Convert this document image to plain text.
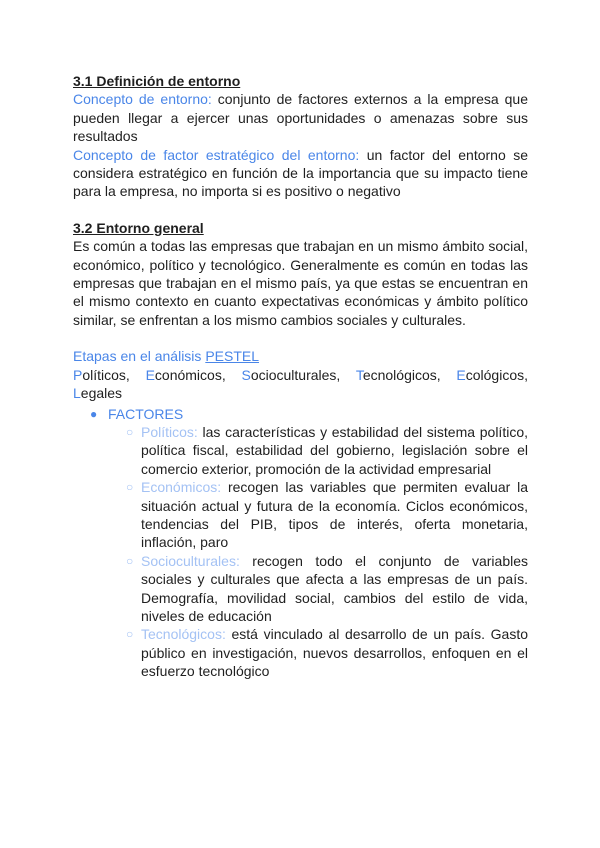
3.1 Definición de entorno

Concepto de entorno: conjunto de factores externos a la empresa que pueden llegar a ejercer unas oportunidades o amenazas sobre sus resultados

Concepto de factor estratégico del entorno: un factor del entorno se considera estratégico en función de la importancia que su impacto tiene para la empresa, no importa si es positivo o negativo

3.2 Entorno general

Es común a todas las empresas que trabajan en un mismo ámbito social, económico, político y tecnológico. Generalmente es común en todas las empresas que trabajan en el mismo país, ya que estas se encuentran en el mismo contexto en cuanto expectativas económicas y ámbito político similar, se enfrentan a los mismo cambios sociales y culturales.

Etapas en el análisis PESTEL

Políticos, Económicos, Socioculturales, Tecnológicos, Ecológicos, Legales

● FACTORES
○ Políticos: las características y estabilidad del sistema político, política fiscal, estabilidad del gobierno, legislación sobre el comercio exterior, promoción de la actividad empresarial

○ Económicos: recogen las variables que permiten evaluar la situación actual y futura de la economía. Ciclos económicos, tendencias del PIB, tipos de interés, oferta monetaria, inflación, paro

○ Socioculturales: recogen todo el conjunto de variables sociales y culturales que afecta a las empresas de un país. Demografía, movilidad social, cambios del estilo de vida, niveles de educación

○ Tecnológicos: está vinculado al desarrollo de un país. Gasto público en investigación, nuevos desarrollos, enfoquen en el esfuerzo tecnológico
